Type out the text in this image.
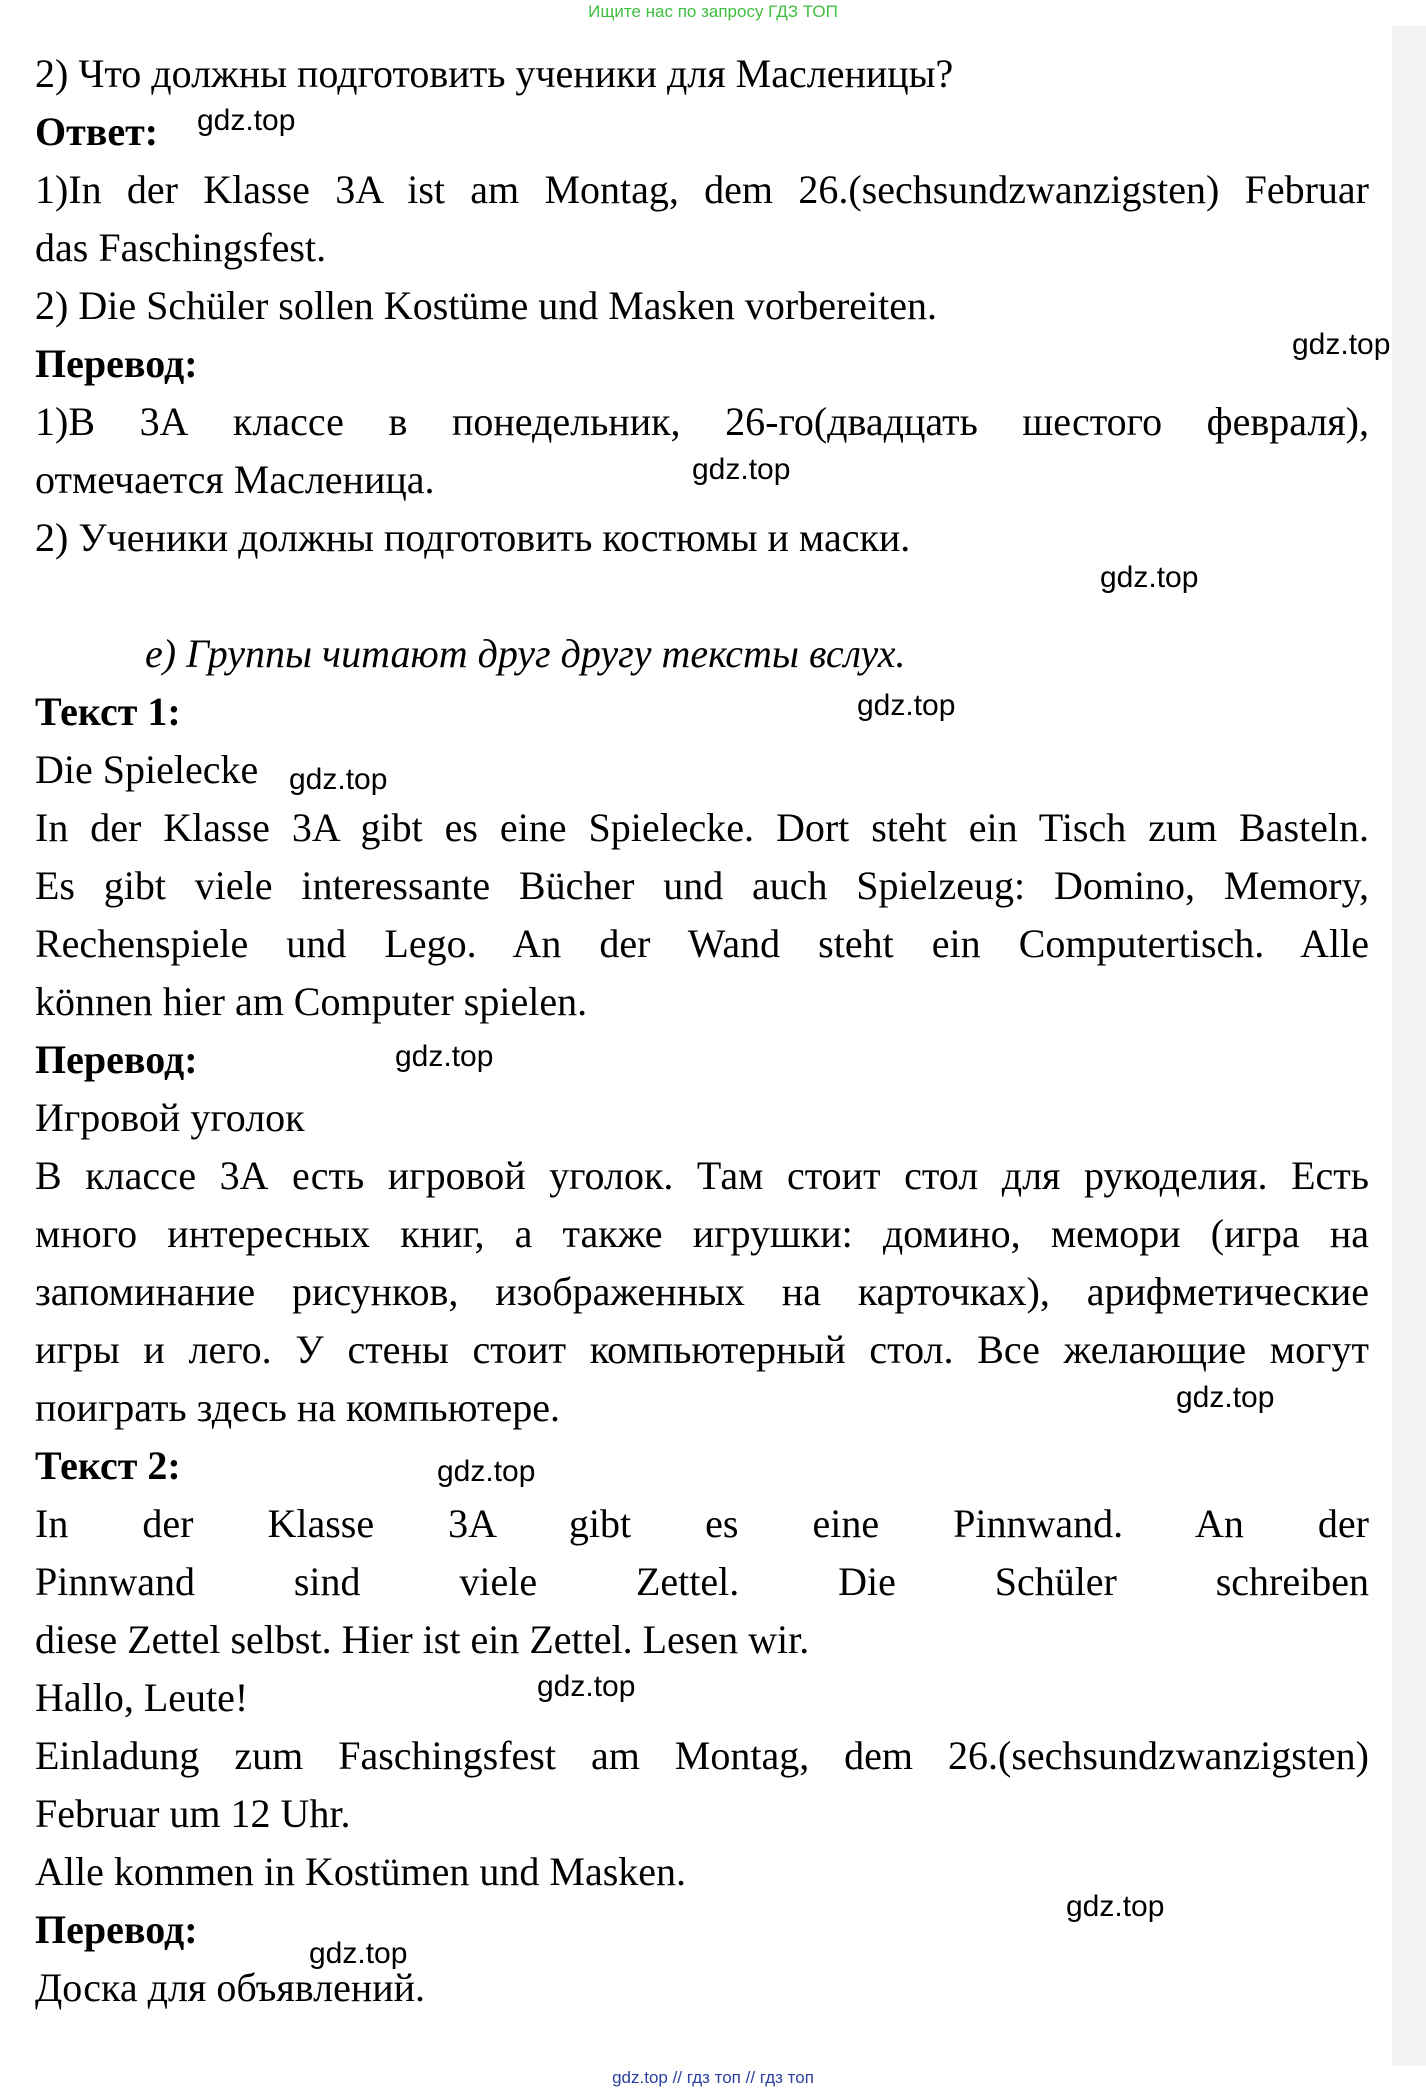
Ищите нас по запросу ГДЗ ТОП
2) Что должны подготовить ученики для Масленицы?
Ответ:
1)In der Klasse 3A ist am Montag, dem 26.(sechsundzwanzigsten) Februar
das Faschingsfest.
2) Die Schüler sollen Kostüme und Masken vorbereiten.
Перевод:
1)В 3А классе в понедельник, 26-го(двадцать шестого февраля),
отмечается Масленица.
2) Ученики должны подготовить костюмы и маски.
е) Группы читают друг другу тексты вслух.
Текст 1:
Die Spielecke
In der Klasse 3A gibt es eine Spielecke. Dort steht ein Tisch zum Basteln.
Es gibt viele interessante Bücher und auch Spielzeug: Domino, Memory,
Rechenspiele und Lego. An der Wand steht ein Computertisch. Alle
können hier am Computer spielen.
Перевод:
Игровой уголок
В классе 3А есть игровой уголок. Там стоит стол для рукоделия. Есть
много интересных книг, а также игрушки: домино, мемори (игра на
запоминание рисунков, изображенных на карточках), арифметические
игры и лего. У стены стоит компьютерный стол. Все желающие могут
поиграть здесь на компьютере.
Текст 2:
In der Klasse 3A gibt es eine Pinnwand. An der
Pinnwand sind viele Zettel. Die Schüler schreiben
diese Zettel selbst. Hier ist ein Zettel. Lesen wir.
Hallo, Leute!
Einladung zum Faschingsfest am Montag, dem 26.(sechsundzwanzigsten)
Februar um 12 Uhr.
Alle kommen in Kostümen und Masken.
Перевод:
Доска для объявлений.
gdz.top
gdz.top
gdz.top
gdz.top
gdz.top
gdz.top
gdz.top
gdz.top
gdz.top
gdz.top
gdz.top
gdz.top
gdz.top // гдз топ // гдз топ
